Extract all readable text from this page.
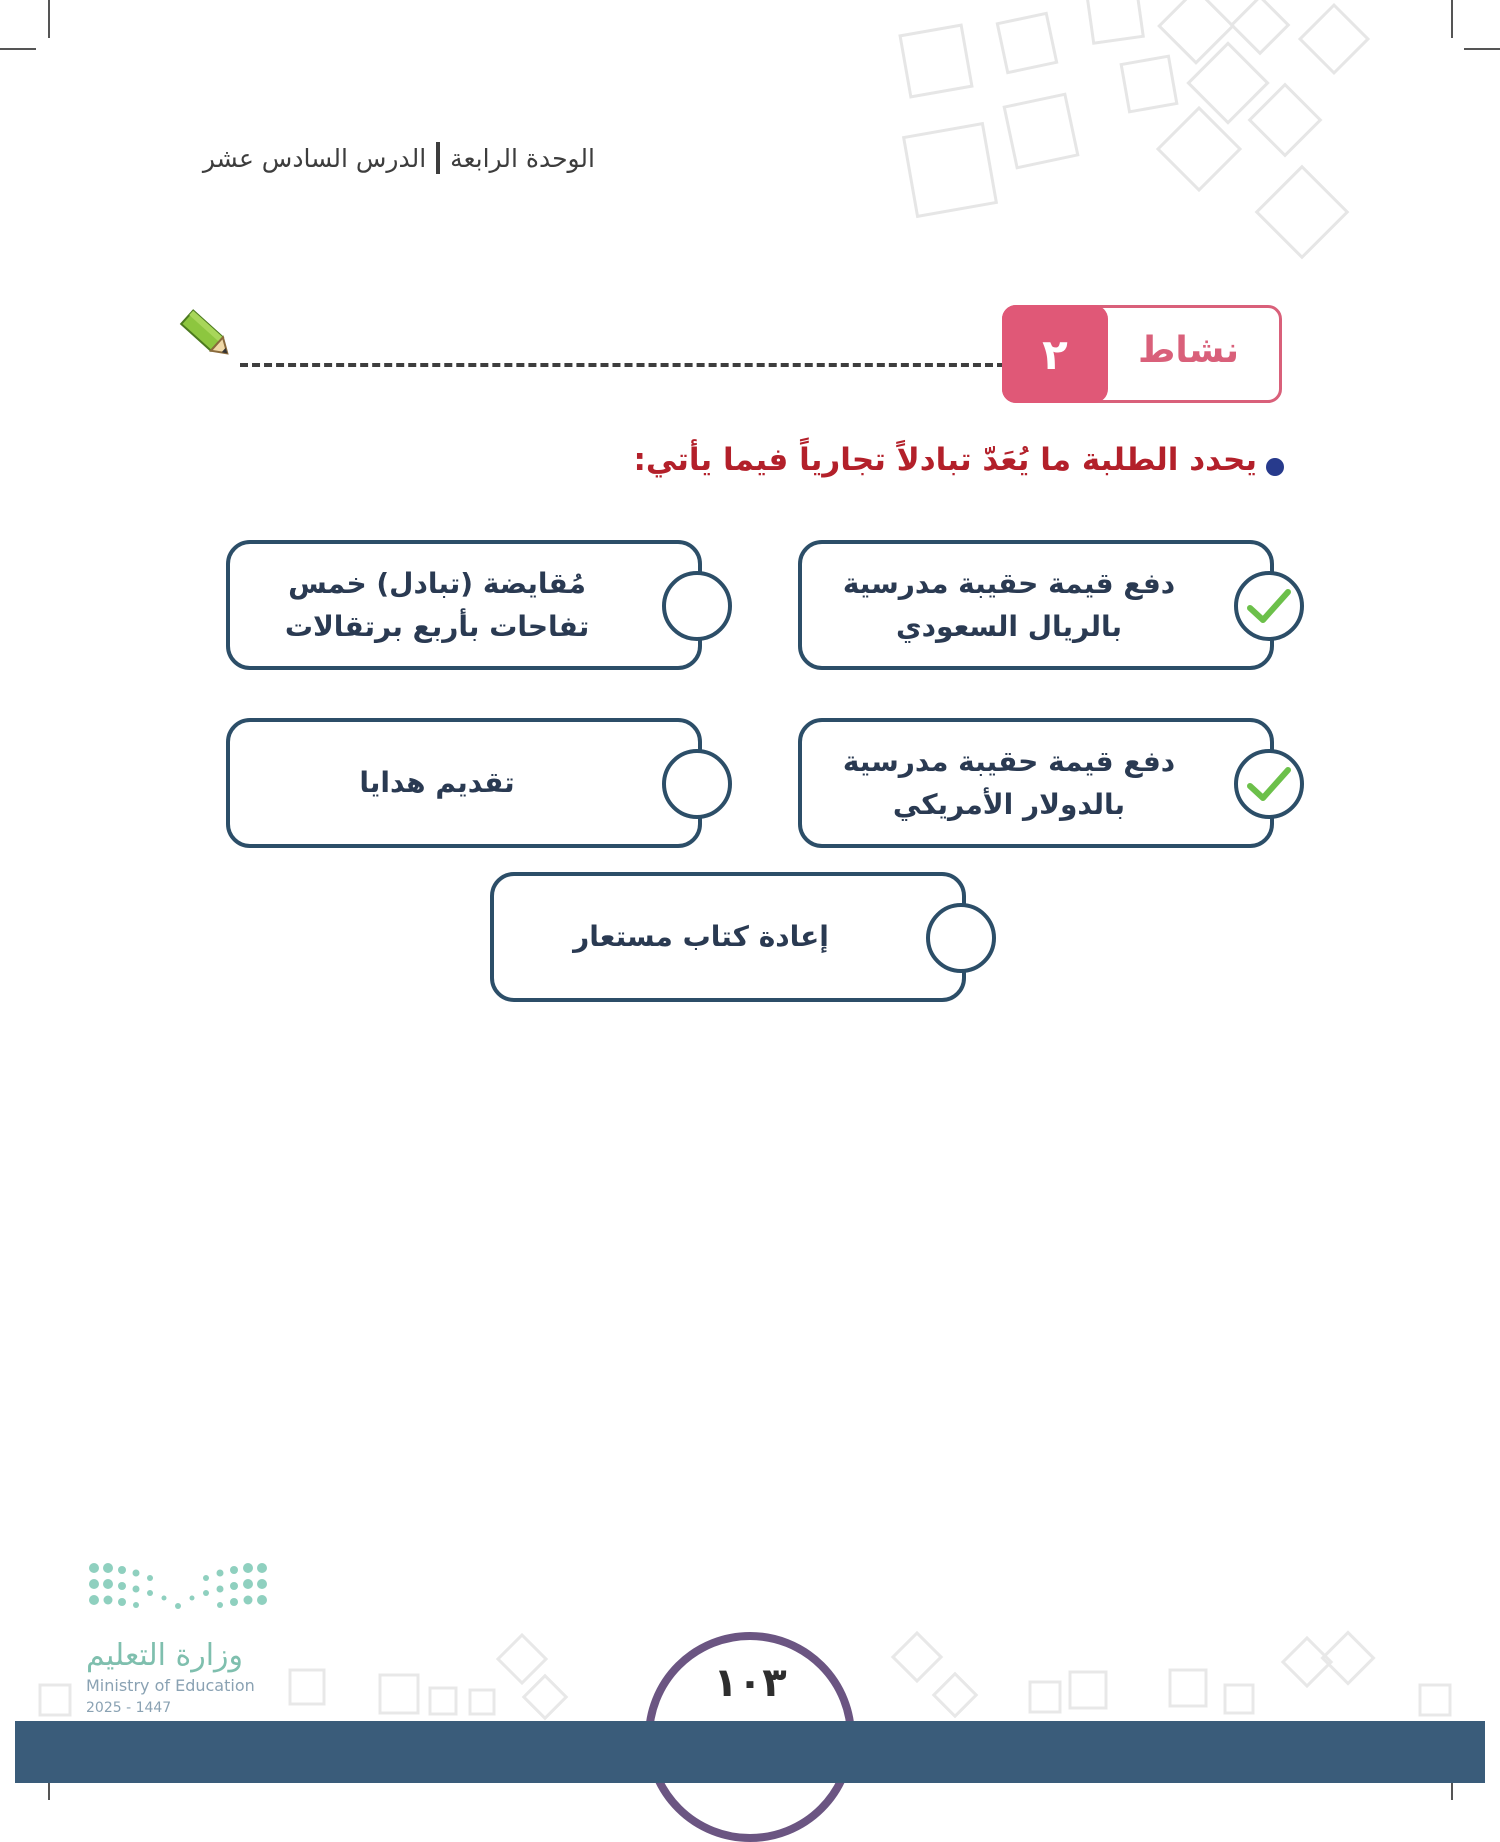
الوحدة الرابعة
الدرس السادس عشر
٢	نشاط
يحدد الطلبة ما يُعَدّ تبادلاً تجارياً فيما يأتي:
دفع قيمة حقيبة مدرسية
بالريال السعودي
مُقايضة (تبادل) خمس
تفاحات بأربع برتقالات
دفع قيمة حقيبة مدرسية
بالدولار الأمريكي
تقديم هدايا
إعادة كتاب مستعار
وزارة التعليم
Ministry of Education
2025 - 1447
١٠٣
